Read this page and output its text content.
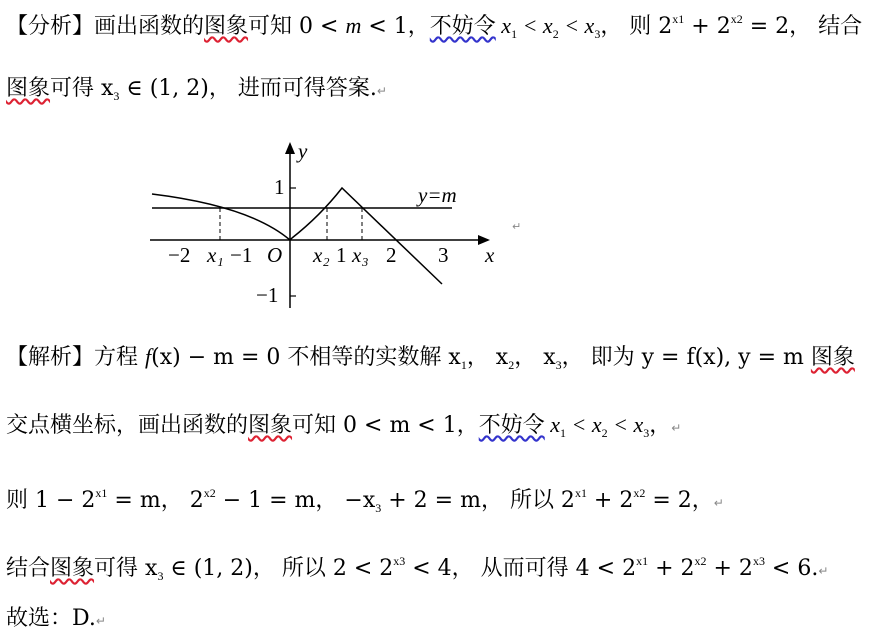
【分析】画出函数的图象可知 0 < m < 1，不妨令 $x_1 < x_2 < x_3$， 则 $2^{x1} + 2^{x2} = 2$， 结合
图象可得 $x_3$ ∈ (1, 2)， 进而可得答案.↵
y
x
y=m
O
−2 x₁ −1	x₂ 1 x₃ 2 3
1
−1
↵
【解析】方程 f(x) − m = 0 不相等的实数解 $x_1$， $x_2$， $x_3$， 即为 y = f(x), y = m 图象
交点横坐标，画出函数的图象可知 0 < m < 1，不妨令 $x_1 < x_2 < x_3$，↵
则 $1 - 2^{x1} = m$， $2^{x2} - 1 = m$， $-x_3 + 2 = m$， 所以 $2^{x1} + 2^{x2} = 2$，↵
结合图象可得 $x_3$ ∈ (1, 2)， 所以 $2 < 2^{x3} < 4$， 从而可得 $4 < 2^{x1} + 2^{x2} + 2^{x3}$ < 6.↵
故选：D.↵
